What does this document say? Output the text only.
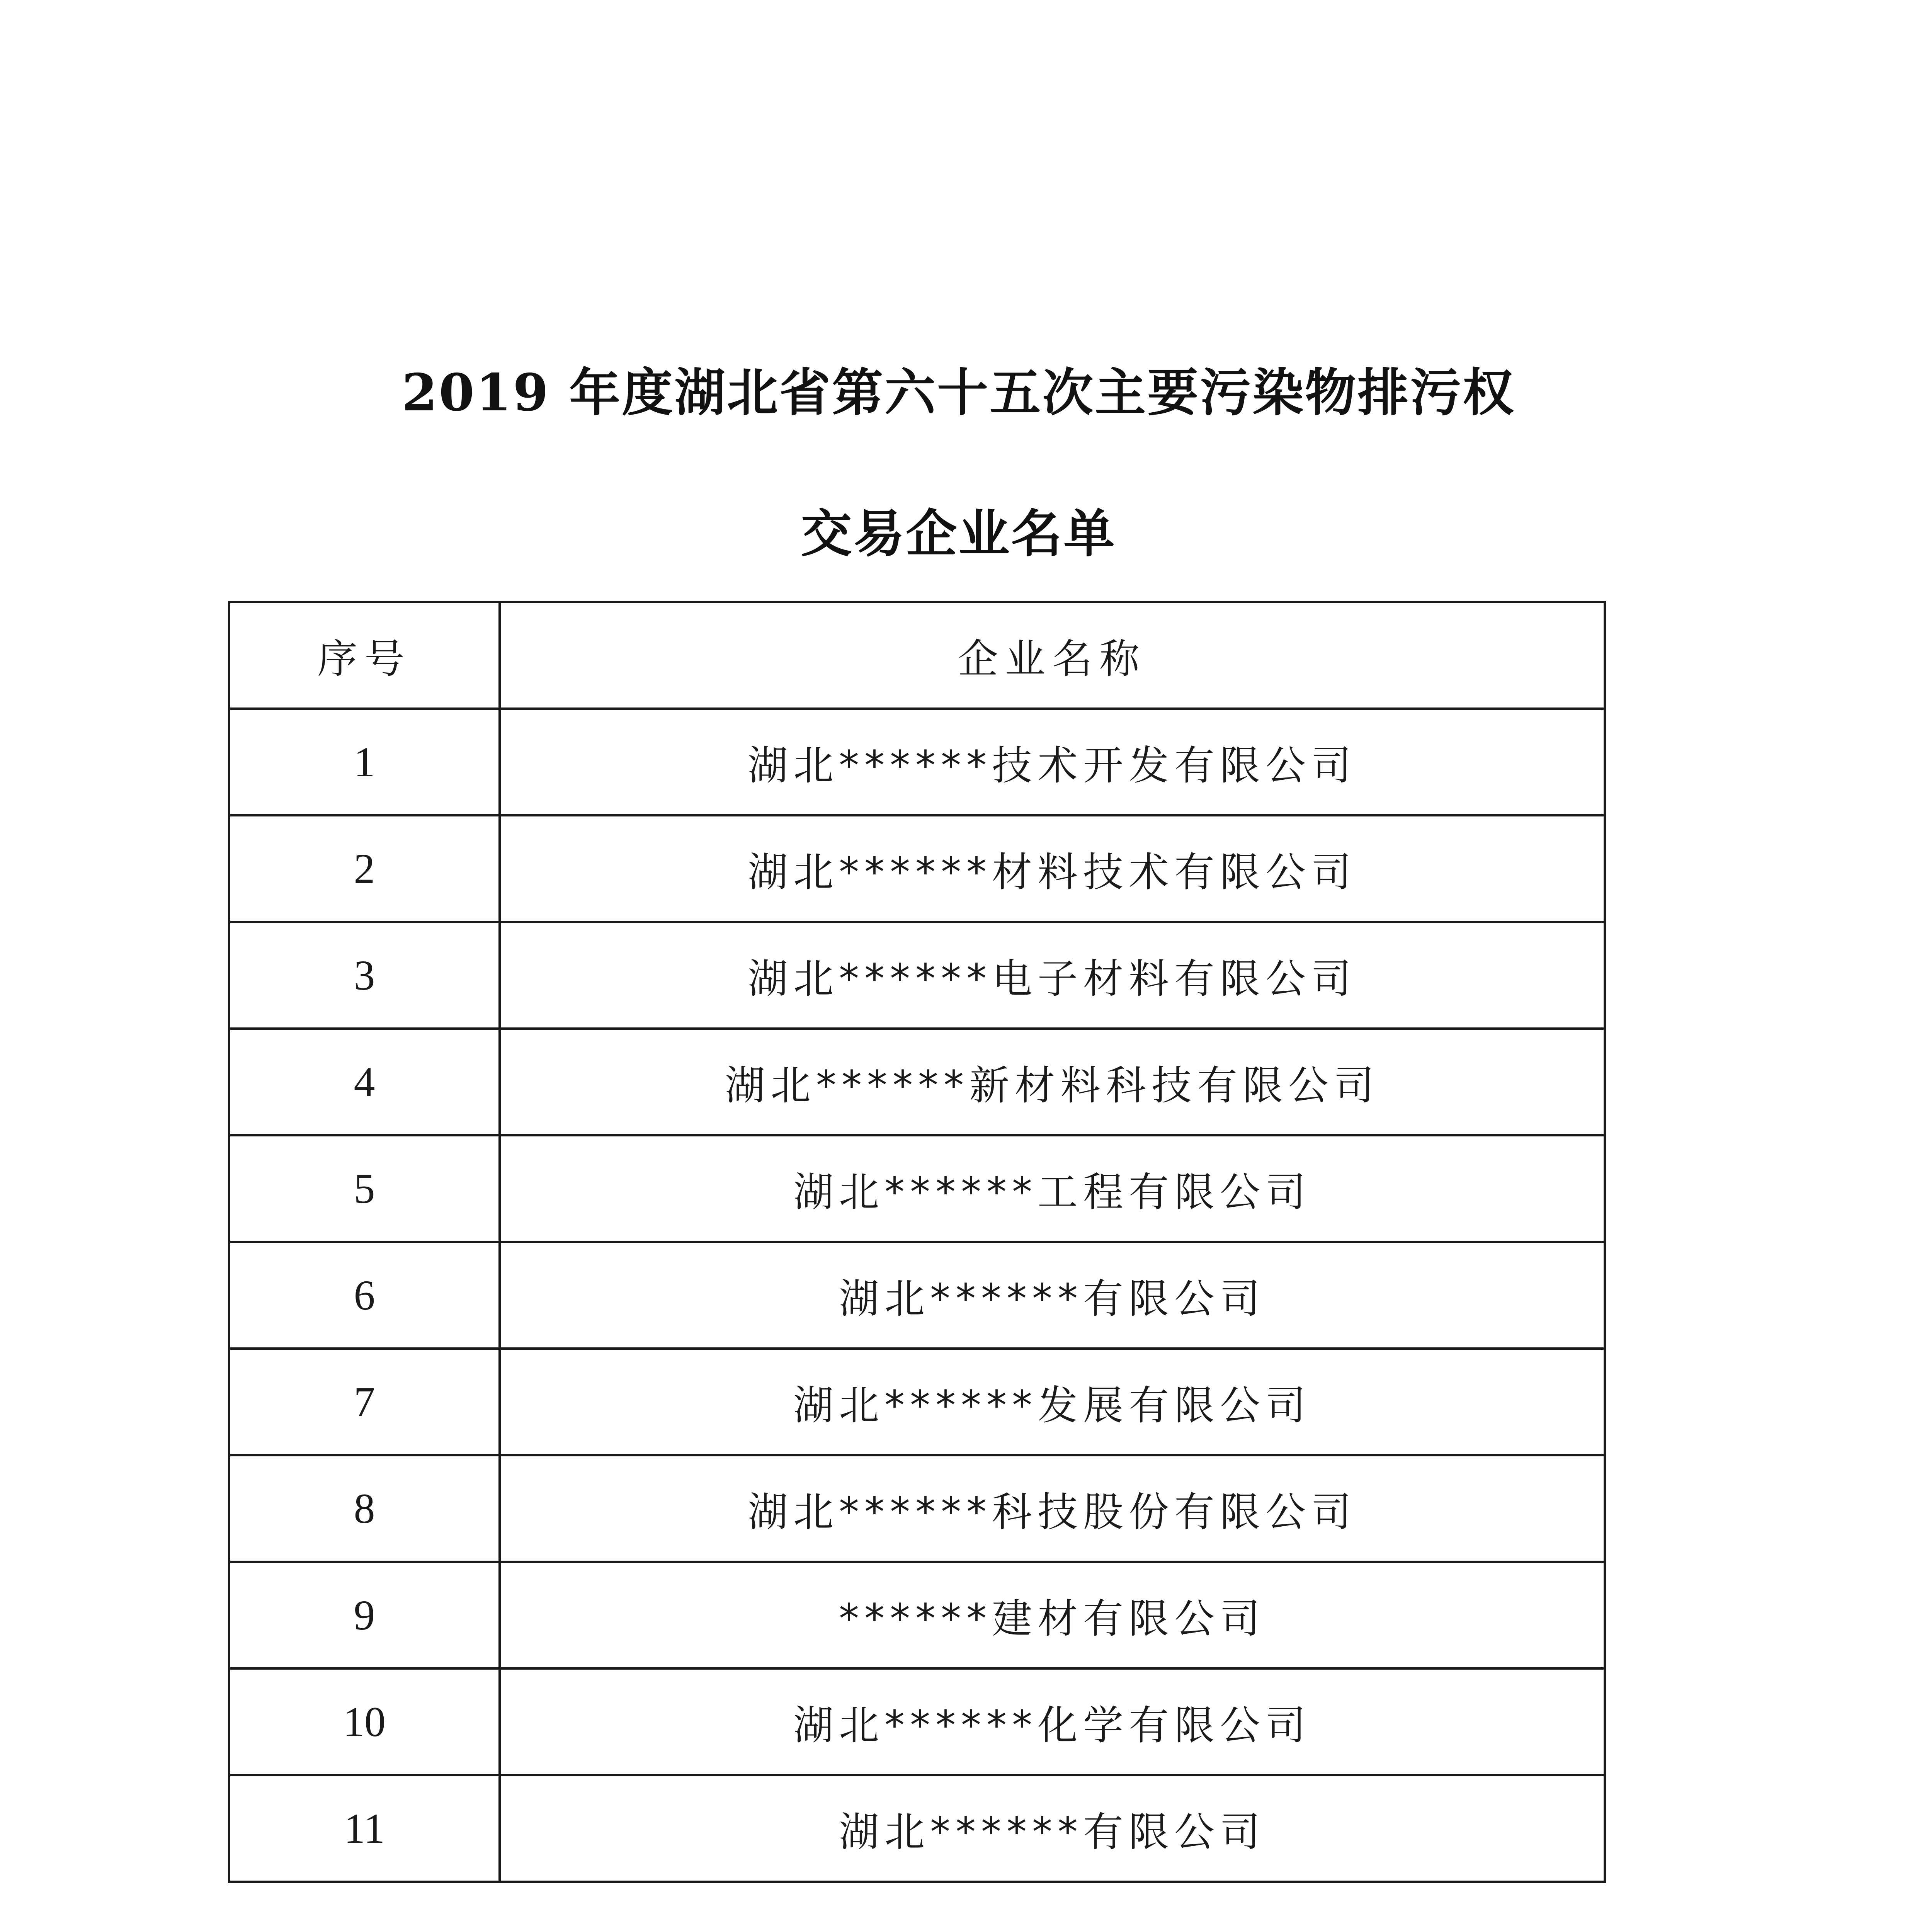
2019 年度湖北省第六十五次主要污染物排污权
交易企业名单
序号	企业名称
1	湖北******技术开发有限公司
2	湖北******材料技术有限公司
3	湖北******电子材料有限公司
4	湖北******新材料科技有限公司
5	湖北******工程有限公司
6	湖北******有限公司
7	湖北******发展有限公司
8	湖北******科技股份有限公司
9	******建材有限公司
10	湖北******化学有限公司
11	湖北******有限公司
